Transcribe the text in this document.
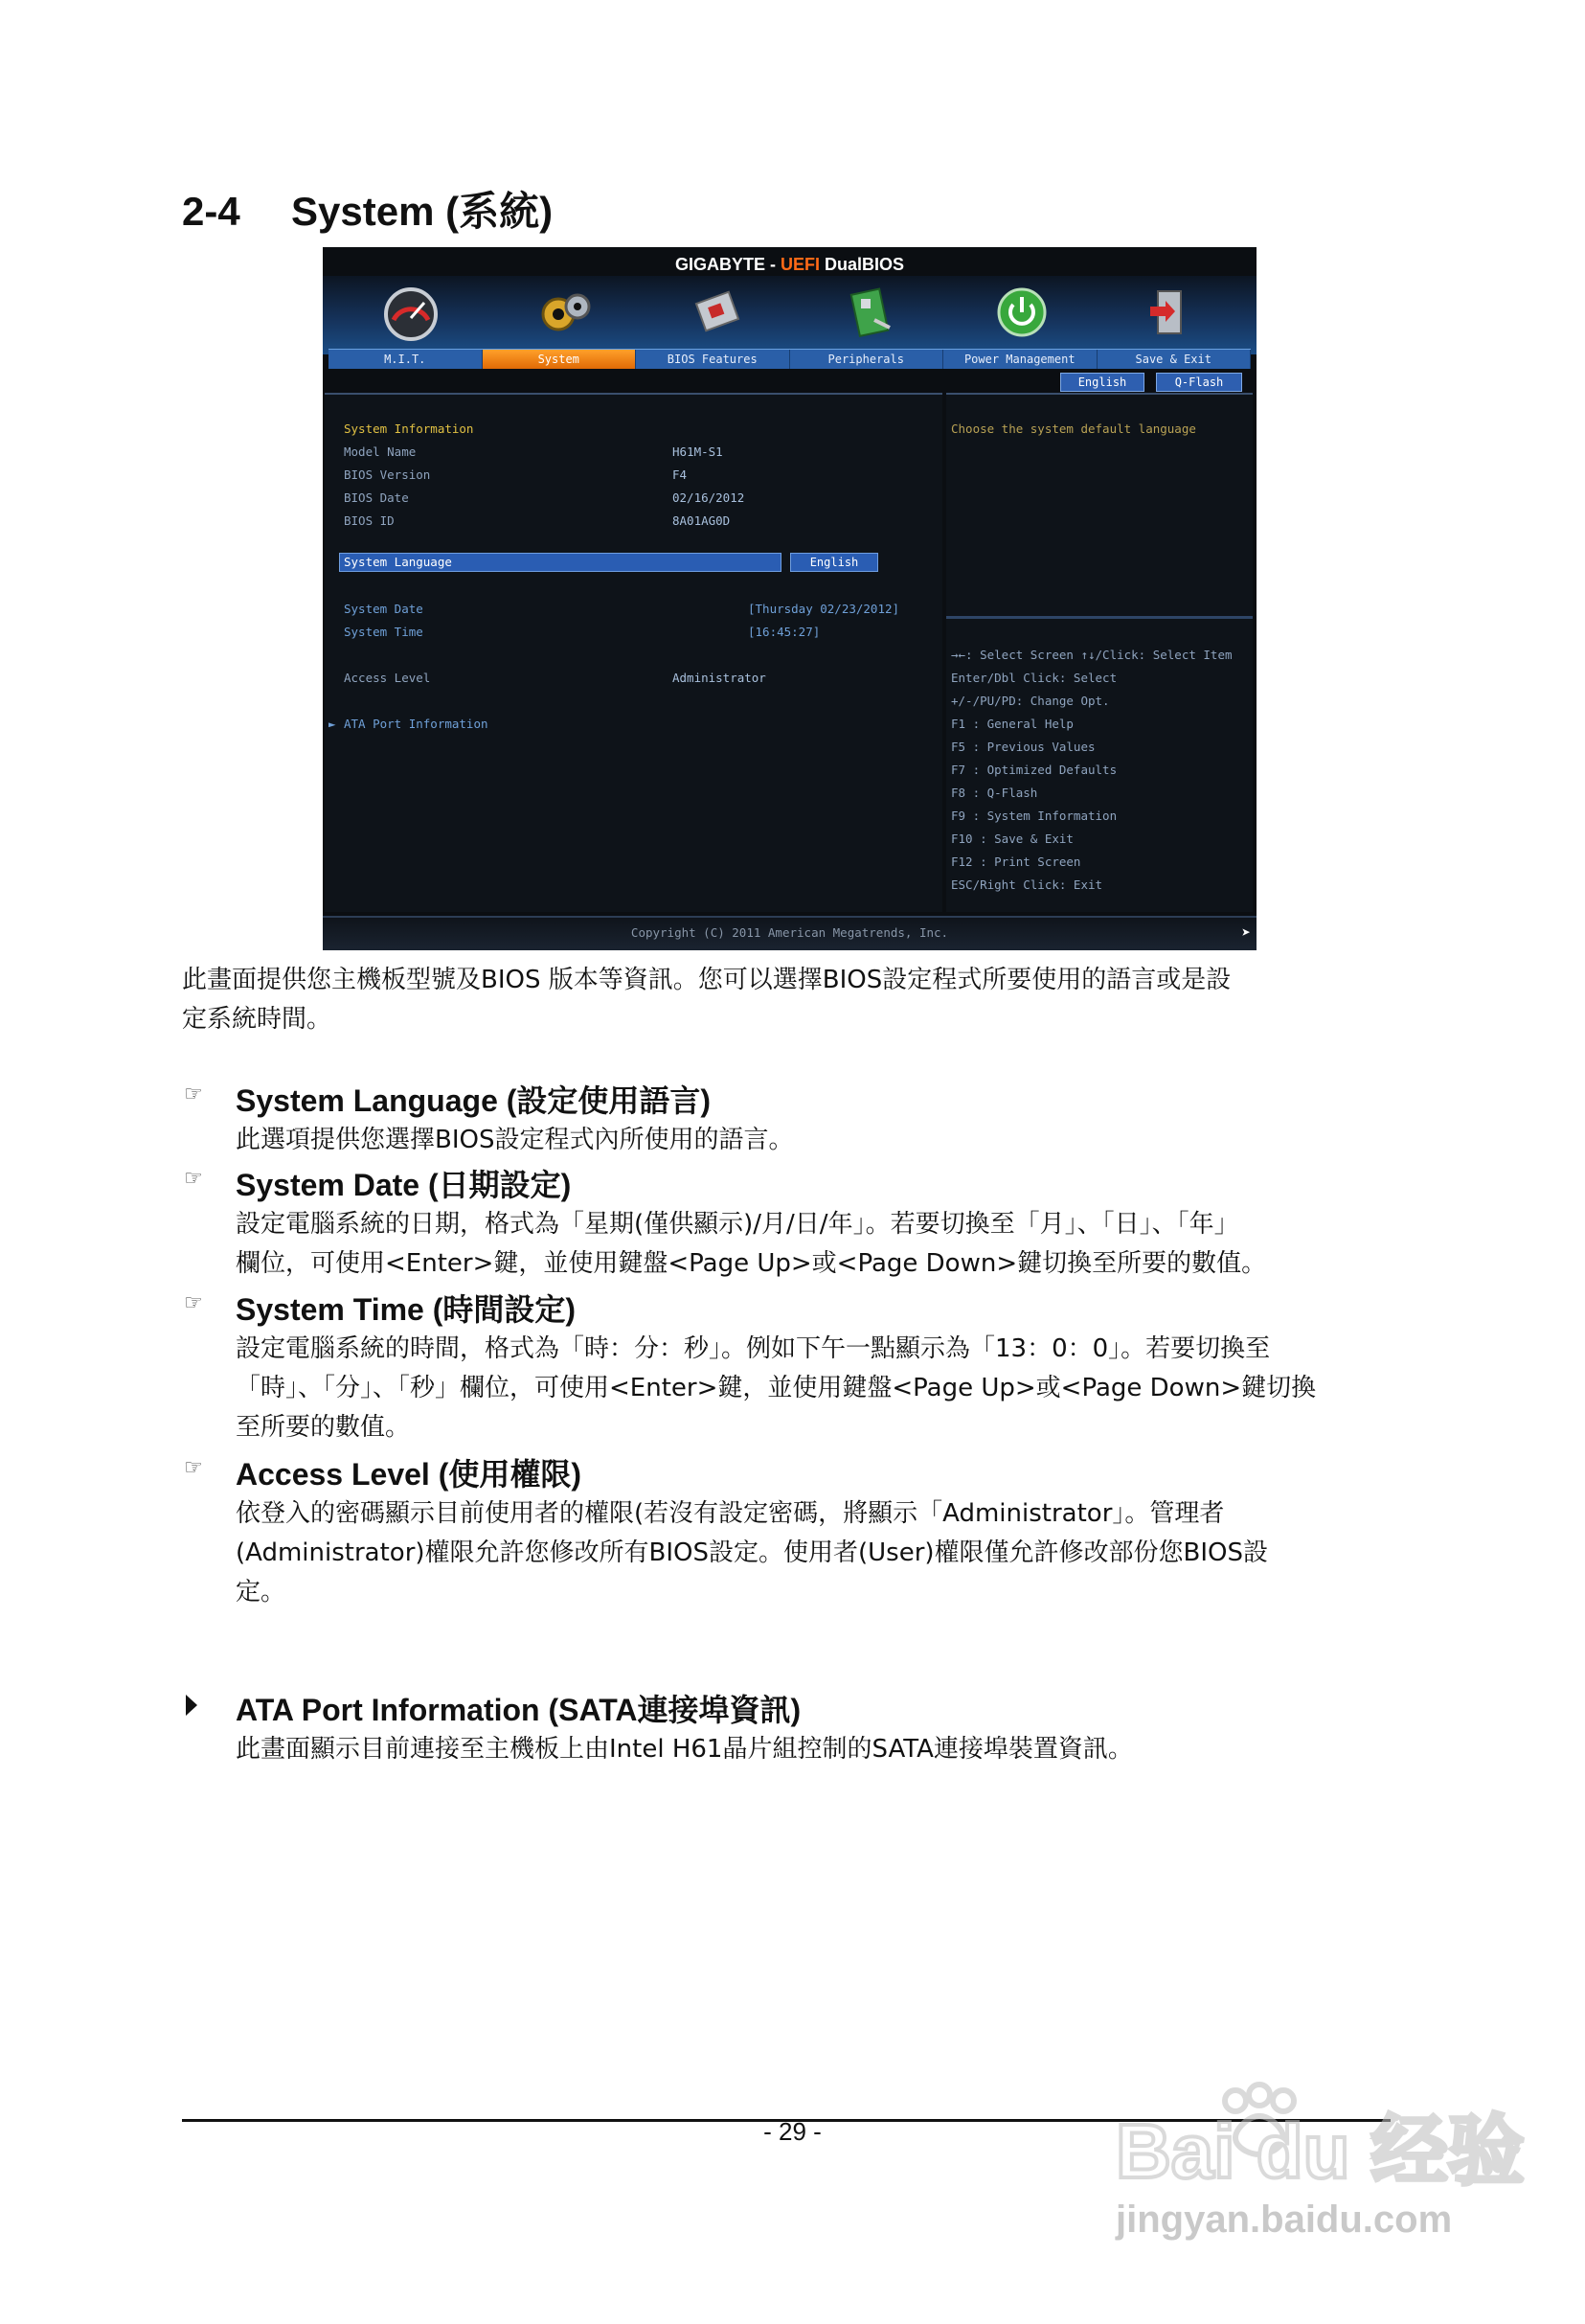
2-4 System (系統)
GIGABYTE - UEFI DualBIOS
M.I.T.	System	BIOS Features	Peripherals	Power Management	Save & Exit
English	Q-Flash
System Information
Model Name	H61M-S1
BIOS Version	F4
BIOS Date	02/16/2012
BIOS ID	8A01AG0D
System Language	English
System Date	[Thursday 02/23/2012]
System Time	[16:45:27]
Access Level	Administrator
► ATA Port Information
Choose the system default language
→←: Select Screen ↑↓/Click: Select Item
Enter/Dbl Click: Select
+/-/PU/PD: Change Opt.
F1 : General Help
F5 : Previous Values
F7 : Optimized Defaults
F8 : Q-Flash
F9 : System Information
F10 : Save & Exit
F12 : Print Screen
ESC/Right Click: Exit
Copyright (C) 2011 American Megatrends, Inc.	➤
此畫面提供您主機板型號及BIOS 版本等資訊。您可以選擇BIOS設定程式所要使用的語言或是設
定系統時間。
☞ System Language (設定使用語言)
此選項提供您選擇BIOS設定程式內所使用的語言。
☞ System Date (日期設定)
設定電腦系統的日期，格式為「星期(僅供顯示)/月/日/年」。若要切換至「月」、「日」、「年」
欄位，可使用<Enter>鍵，並使用鍵盤<Page Up>或<Page Down>鍵切換至所要的數值。
☞ System Time (時間設定)
設定電腦系統的時間，格式為「時：分：秒」。例如下午一點顯示為「13：0：0」。若要切換至
「時」、「分」、「秒」欄位，可使用<Enter>鍵，並使用鍵盤<Page Up>或<Page Down>鍵切換
至所要的數值。
☞ Access Level (使用權限)
依登入的密碼顯示目前使用者的權限(若沒有設定密碼，將顯示「Administrator」。管理者
(Administrator)權限允許您修改所有BIOS設定。使用者(User)權限僅允許修改部份您BIOS設
定。
ATA Port Information (SATA連接埠資訊)
此畫面顯示目前連接至主機板上由Intel H61晶片組控制的SATA連接埠裝置資訊。
- 29 -	Bai du 经验
jingyan.baidu.com
